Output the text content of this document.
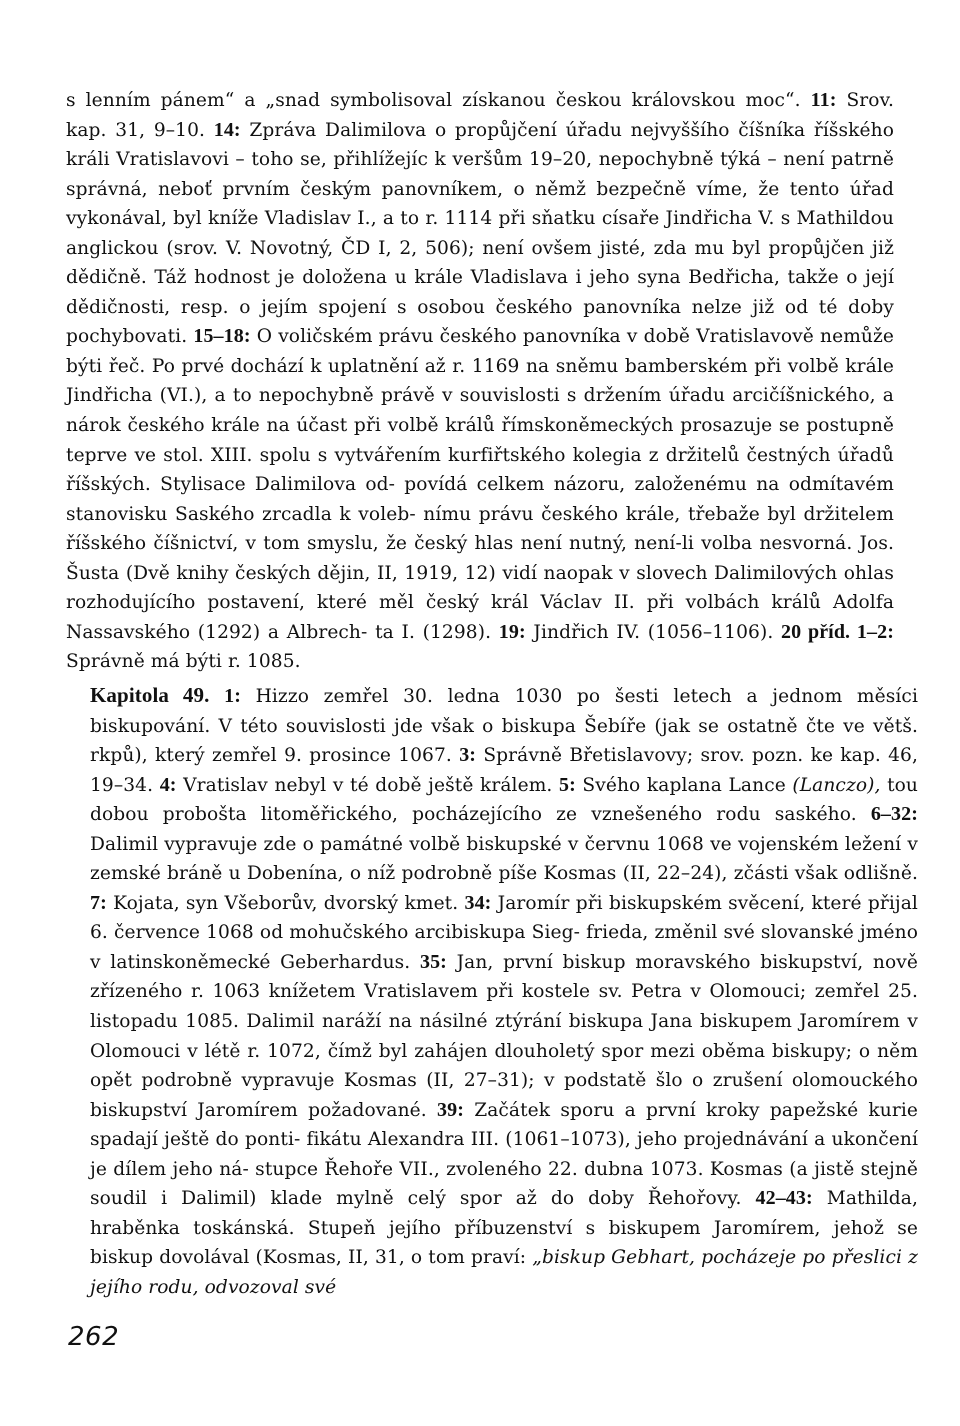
s lenním pánem“ a „snad symbolisoval získanou českou královskou moc“. 11: Srov. kap. 31, 9–10. 14: Zpráva Dalimilova o propůjčení úřadu nejvyššího číšníka říšského králi Vratislavovi – toho se, přihlížejíc k veršům 19–20, nepochybně týká – není patrně správná, neboť prvním českým panovníkem, o němž bezpečně víme, že tento úřad vykonával, byl kníže Vladislav I., a to r. 1114 při sňatku císaře Jindřicha V. s Mathildou anglickou (srov. V. Novotný, ČD I, 2, 506); není ovšem jisté, zda mu byl propůjčen již dědičně. Táž hodnost je doložena u krále Vladislava i jeho syna Bedřicha, takže o její dědičnosti, resp. o jejím spojení s osobou českého panovníka nelze již od té doby pochybovati. 15–18: O voličském právu českého panovníka v době Vratislavově nemůže býti řeč. Po prvé dochází k uplatnění až r. 1169 na sněmu bamberském při volbě krále Jindřicha (VI.), a to nepochybně právě v souvislosti s držením úřadu arcičíšnického, a nárok českého krále na účast při volbě králů římskoněmeckých prosazuje se postupně teprve ve stol. XIII. spolu s vytvářením kurfiřtského kolegia z držitelů čestných úřadů říšských. Stylisace Dalimilova od- povídá celkem názoru, založenému na odmítavém stanovisku Saského zrcadla k voleb- nímu právu českého krále, třebaže byl držitelem říšského číšnictví, v tom smyslu, že český hlas není nutný, není-li volba nesvorná. Jos. Šusta (Dvě knihy českých dějin, II, 1919, 12) vidí naopak v slovech Dalimilových ohlas rozhodujícího postavení, které měl český král Václav II. při volbách králů Adolfa Nassavského (1292) a Albrech- ta I. (1298). 19: Jindřich IV. (1056–1106). 20 příd. 1–2: Správně má býti r. 1085.
Kapitola 49. 1: Hizzo zemřel 30. ledna 1030 po šesti letech a jednom měsíci biskupování. V této souvislosti jde však o biskupa Šebíře (jak se ostatně čte ve větš. rkpů), který zemřel 9. prosince 1067. 3: Správně Břetislavovy; srov. pozn. ke kap. 46, 19–34. 4: Vratislav nebyl v té době ještě králem. 5: Svého kaplana Lance (Lanczo), tou dobou probošta litoměřického, pocházejícího ze vznešeného rodu saského. 6–32: Dalimil vypravuje zde o památné volbě biskupské v červnu 1068 ve vojenském ležení v zemské bráně u Dobenína, o níž podrobně píše Kosmas (II, 22–24), zčásti však odlišně. 7: Kojata, syn Všeborův, dvorský kmet. 34: Jaromír při biskupském svěcení, které přijal 6. července 1068 od mohučského arcibiskupa Sieg- frieda, změnil své slovanské jméno v latinskoněmecké Geberhardus. 35: Jan, první biskup moravského biskupství, nově zřízeného r. 1063 knížetem Vratislavem při kostele sv. Petra v Olomouci; zemřel 25. listopadu 1085. Dalimil naráží na násilné ztýrání biskupa Jana biskupem Jaromírem v Olomouci v létě r. 1072, čímž byl zahájen dlouholetý spor mezi oběma biskupy; o něm opět podrobně vypravuje Kosmas (II, 27–31); v podstatě šlo o zrušení olomouckého biskupství Jaromírem požadované. 39: Začátek sporu a první kroky papežské kurie spadají ještě do ponti- fikátu Alexandra III. (1061–1073), jeho projednávání a ukončení je dílem jeho ná- stupce Řehoře VII., zvoleného 22. dubna 1073. Kosmas (a jistě stejně soudil i Dalimil) klade mylně celý spor až do doby Řehořovy. 42–43: Mathilda, hraběnka toskánská. Stupeň jejího příbuzenství s biskupem Jaromírem, jehož se biskup dovolával (Kosmas, II, 31, o tom praví: „biskup Gebhart, pocházeje po přeslici z jejího rodu, odvozoval své
262
